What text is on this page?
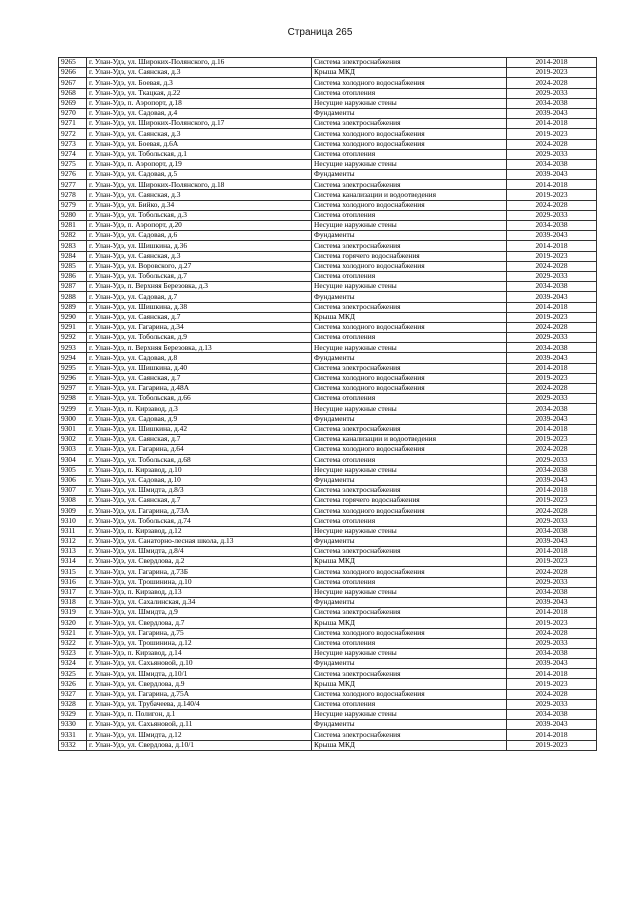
Страница 265
9265	г. Улан-Удэ, ул. Широких-Полянского, д.16	Система электроснабжения	2014-2018
9266	г. Улан-Удэ, ул. Саянская, д.3	Крыша МКД	2019-2023
9267	г. Улан-Удэ, ул. Боевая, д.3	Система холодного водоснабжения	2024-2028
9268	г. Улан-Удэ, ул. Ткацкая, д.22	Система отопления	2029-2033
9269	г. Улан-Удэ, п. Аэропорт, д.18	Несущие наружные стены	2034-2038
9270	г. Улан-Удэ, ул. Садовая, д.4	Фундаменты	2039-2043
9271	г. Улан-Удэ, ул. Широких-Полянского, д.17	Система электроснабжения	2014-2018
9272	г. Улан-Удэ, ул. Саянская, д.3	Система холодного водоснабжения	2019-2023
9273	г. Улан-Удэ, ул. Боевая, д.6А	Система холодного водоснабжения	2024-2028
9274	г. Улан-Удэ, ул. Тобольская, д.1	Система отопления	2029-2033
9275	г. Улан-Удэ, п. Аэропорт, д.19	Несущие наружные стены	2034-2038
9276	г. Улан-Удэ, ул. Садовая, д.5	Фундаменты	2039-2043
9277	г. Улан-Удэ, ул. Широких-Полянского, д.18	Система электроснабжения	2014-2018
9278	г. Улан-Удэ, ул. Саянская, д.3	Система канализации и водоотведения	2019-2023
9279	г. Улан-Удэ, ул. Бийко, д.34	Система холодного водоснабжения	2024-2028
9280	г. Улан-Удэ, ул. Тобольская, д.3	Система отопления	2029-2033
9281	г. Улан-Удэ, п. Аэропорт, д.20	Несущие наружные стены	2034-2038
9282	г. Улан-Удэ, ул. Садовая, д.6	Фундаменты	2039-2043
9283	г. Улан-Удэ, ул. Шишкина, д.36	Система электроснабжения	2014-2018
9284	г. Улан-Удэ, ул. Саянская, д.3	Система горячего водоснабжения	2019-2023
9285	г. Улан-Удэ, ул. Воровского, д.27	Система холодного водоснабжения	2024-2028
9286	г. Улан-Удэ, ул. Тобольская, д.7	Система отопления	2029-2033
9287	г. Улан-Удэ, п. Верхняя Березовка, д.3	Несущие наружные стены	2034-2038
9288	г. Улан-Удэ, ул. Садовая, д.7	Фундаменты	2039-2043
9289	г. Улан-Удэ, ул. Шишкина, д.38	Система электроснабжения	2014-2018
9290	г. Улан-Удэ, ул. Саянская, д.7	Крыша МКД	2019-2023
9291	г. Улан-Удэ, ул. Гагарина, д.34	Система холодного водоснабжения	2024-2028
9292	г. Улан-Удэ, ул. Тобольская, д.9	Система отопления	2029-2033
9293	г. Улан-Удэ, п. Верхняя Березовка, д.13	Несущие наружные стены	2034-2038
9294	г. Улан-Удэ, ул. Садовая, д.8	Фундаменты	2039-2043
9295	г. Улан-Удэ, ул. Шишкина, д.40	Система электроснабжения	2014-2018
9296	г. Улан-Удэ, ул. Саянская, д.7	Система холодного водоснабжения	2019-2023
9297	г. Улан-Удэ, ул. Гагарина, д.48А	Система холодного водоснабжения	2024-2028
9298	г. Улан-Удэ, ул. Тобольская, д.66	Система отопления	2029-2033
9299	г. Улан-Удэ, п. Кирзавод, д.3	Несущие наружные стены	2034-2038
9300	г. Улан-Удэ, ул. Садовая, д.9	Фундаменты	2039-2043
9301	г. Улан-Удэ, ул. Шишкина, д.42	Система электроснабжения	2014-2018
9302	г. Улан-Удэ, ул. Саянская, д.7	Система канализации и водоотведения	2019-2023
9303	г. Улан-Удэ, ул. Гагарина, д.64	Система холодного водоснабжения	2024-2028
9304	г. Улан-Удэ, ул. Тобольская, д.68	Система отопления	2029-2033
9305	г. Улан-Удэ, п. Кирзавод, д.10	Несущие наружные стены	2034-2038
9306	г. Улан-Удэ, ул. Садовая, д.10	Фундаменты	2039-2043
9307	г. Улан-Удэ, ул. Шмидта, д.8/3	Система электроснабжения	2014-2018
9308	г. Улан-Удэ, ул. Саянская, д.7	Система горячего водоснабжения	2019-2023
9309	г. Улан-Удэ, ул. Гагарина, д.73А	Система холодного водоснабжения	2024-2028
9310	г. Улан-Удэ, ул. Тобольская, д.74	Система отопления	2029-2033
9311	г. Улан-Удэ, п. Кирзавод, д.12	Несущие наружные стены	2034-2038
9312	г. Улан-Удэ, ул. Санаторно-лесная школа, д.13	Фундаменты	2039-2043
9313	г. Улан-Удэ, ул. Шмидта, д.8/4	Система электроснабжения	2014-2018
9314	г. Улан-Удэ, ул. Свердлова, д.2	Крыша МКД	2019-2023
9315	г. Улан-Удэ, ул. Гагарина, д.73Б	Система холодного водоснабжения	2024-2028
9316	г. Улан-Удэ, ул. Трошинина, д.10	Система отопления	2029-2033
9317	г. Улан-Удэ, п. Кирзавод, д.13	Несущие наружные стены	2034-2038
9318	г. Улан-Удэ, ул. Сахалинская, д.34	Фундаменты	2039-2043
9319	г. Улан-Удэ, ул. Шмидта, д.9	Система электроснабжения	2014-2018
9320	г. Улан-Удэ, ул. Свердлова, д.7	Крыша МКД	2019-2023
9321	г. Улан-Удэ, ул. Гагарина, д.75	Система холодного водоснабжения	2024-2028
9322	г. Улан-Удэ, ул. Трошинина, д.12	Система отопления	2029-2033
9323	г. Улан-Удэ, п. Кирзавод, д.14	Несущие наружные стены	2034-2038
9324	г. Улан-Удэ, ул. Сахьяновой, д.10	Фундаменты	2039-2043
9325	г. Улан-Удэ, ул. Шмидта, д.10/1	Система электроснабжения	2014-2018
9326	г. Улан-Удэ, ул. Свердлова, д.9	Крыша МКД	2019-2023
9327	г. Улан-Удэ, ул. Гагарина, д.75А	Система холодного водоснабжения	2024-2028
9328	г. Улан-Удэ, ул. Трубачеева, д.140/4	Система отопления	2029-2033
9329	г. Улан-Удэ, п. Полигон, д.1	Несущие наружные стены	2034-2038
9330	г. Улан-Удэ, ул. Сахьяновой, д.11	Фундаменты	2039-2043
9331	г. Улан-Удэ, ул. Шмидта, д.12	Система электроснабжения	2014-2018
9332	г. Улан-Удэ, ул. Свердлова, д.10/1	Крыша МКД	2019-2023
